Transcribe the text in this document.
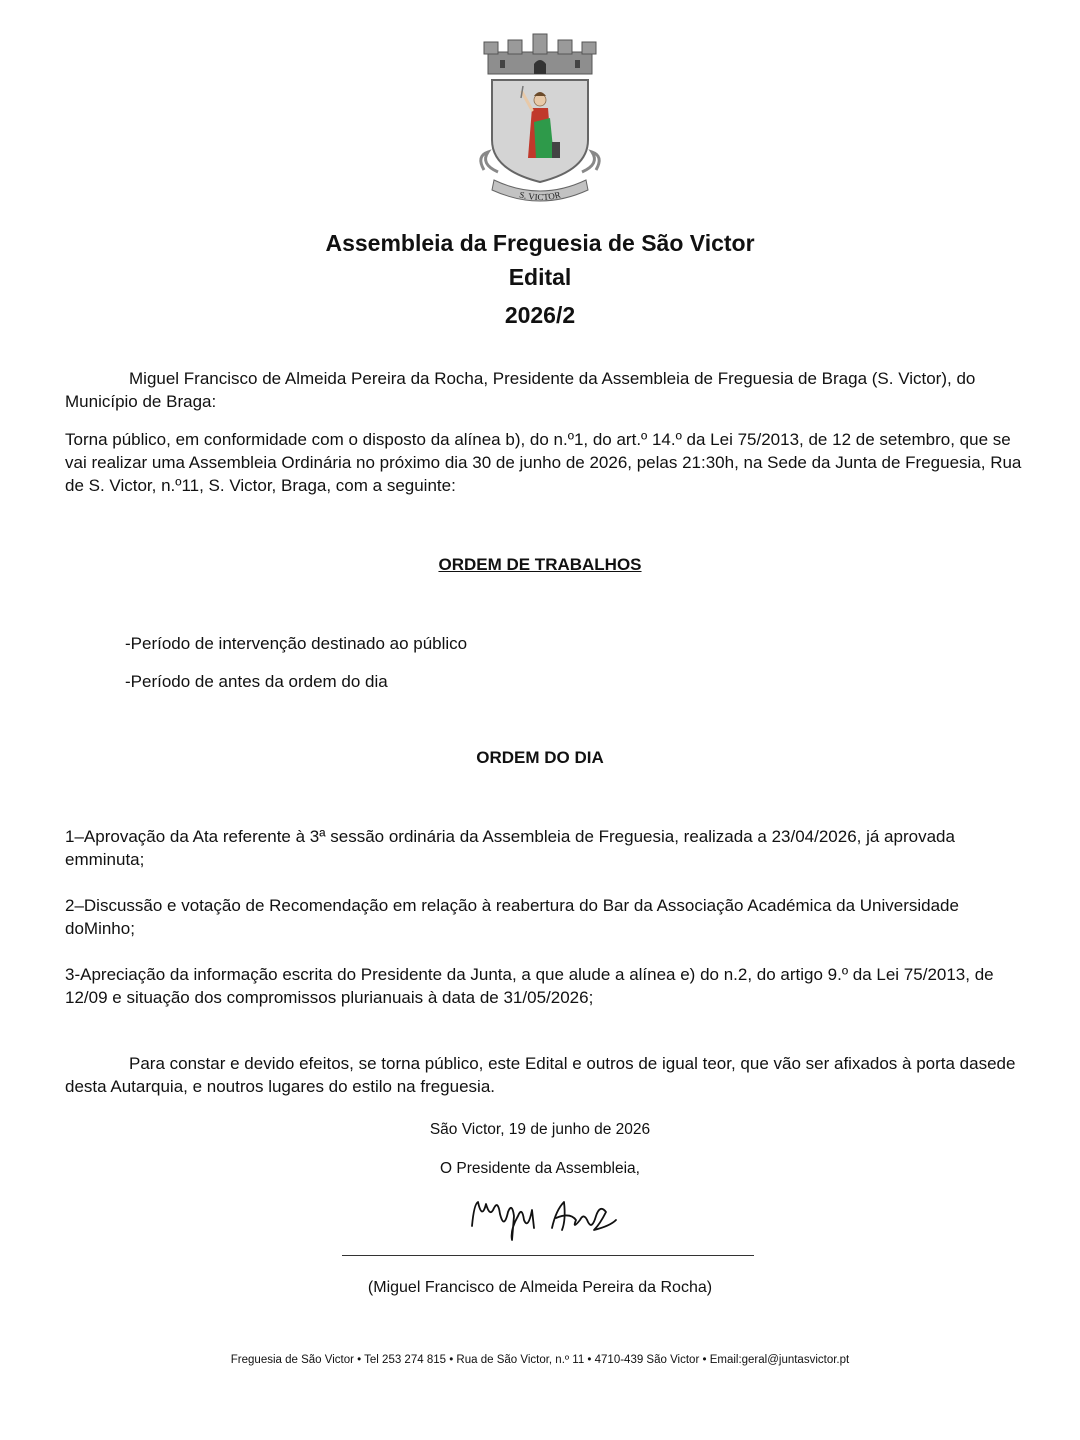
S. VICTOR

Assembleia da Freguesia de São Victor

Edital

2026/2

Miguel Francisco de Almeida Pereira da Rocha, Presidente da Assembleia de Freguesia de Braga (S. Victor), do Município de Braga:

Torna público, em conformidade com o disposto da alínea b), do n.º1, do art.º 14.º da Lei 75/2013, de 12 de setembro, que se vai realizar uma Assembleia Ordinária no próximo dia 30 de junho de 2026, pelas 21:30h, na Sede da Junta de Freguesia, Rua de S. Victor, n.º11, S. Victor, Braga, com a seguinte:

ORDEM DE TRABALHOS

-Período de intervenção destinado ao público

-Período de antes da ordem do dia

ORDEM DO DIA

1–Aprovação da Ata referente à 3ª sessão ordinária da Assembleia de Freguesia, realizada a 23/04/2026, já aprovada emminuta;

2–Discussão e votação de Recomendação em relação à reabertura do Bar da Associação Académica da Universidade doMinho;

3-Apreciação da informação escrita do Presidente da Junta, a que alude a alínea e) do n.2, do artigo 9.º da Lei 75/2013, de 12/09 e situação dos compromissos plurianuais à data de 31/05/2026;

Para constar e devido efeitos, se torna público, este Edital e outros de igual teor, que vão ser afixados à porta dasede desta Autarquia, e noutros lugares do estilo na freguesia.

São Victor, 19 de junho de 2026

O Presidente da Assembleia,

(Miguel Francisco de Almeida Pereira da Rocha)

Freguesia de São Victor • Tel 253 274 815 • Rua de São Victor, n.º 11 • 4710-439 São Victor • Email:geral@juntasvictor.pt
